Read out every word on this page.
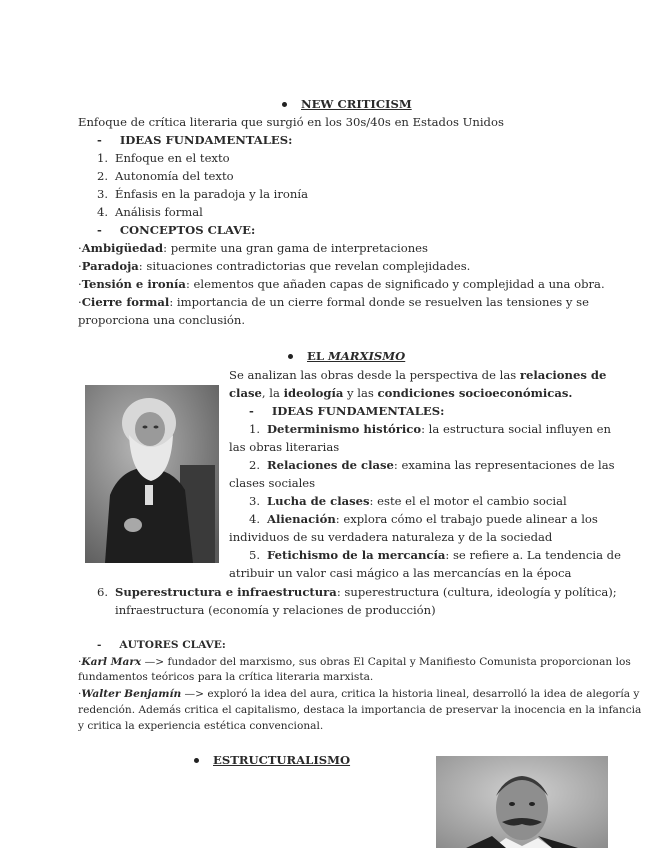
NEW CRITICISM
Enfoque de crítica literaria que surgió en los 30s/40s en Estados Unidos
- IDEAS FUNDAMENTALES:
1. Enfoque en el texto
2. Autonomía del texto
3. Énfasis en la paradoja y la ironía
4. Análisis formal
- CONCEPTOS CLAVE:
·Ambigüedad: permite una gran gama de interpretaciones
·Paradoja: situaciones contradictorias que revelan complejidades.
·Tensión e ironía: elementos que añaden capas de significado y complejidad a una obra.
·Cierre formal: importancia de un cierre formal donde se resuelven las tensiones y se
proporciona una conclusión.
EL MARXISMO
Se analizan las obras desde la perspectiva de las relaciones de
clase, la ideología y las condiciones socioeconómicas.
- IDEAS FUNDAMENTALES:
1. Determinismo histórico: la estructura social influyen en
las obras literarias
2. Relaciones de clase: examina las representaciones de las
clases sociales
3. Lucha de clases: este el el motor el cambio social
4. Alienación: explora cómo el trabajo puede alinear a los
individuos de su verdadera naturaleza y de la sociedad
5. Fetichismo de la mercancía: se refiere a. La tendencia de
atribuir un valor casi mágico a las mercancías en la época
6. Superestructura e infraestructura: superestructura (cultura, ideología y política);
infraestructura (economía y relaciones de producción)
- AUTORES CLAVE:
·Karl Marx —> fundador del marxismo, sus obras El Capital y Manifiesto Comunista proporcionan los
fundamentos teóricos para la crítica literaria marxista.
·Walter Benjamín —> exploró la idea del aura, critica la historia lineal, desarrolló la idea de alegoría y
redención. Además critica el capitalismo, destaca la importancia de preservar la inocencia en la infancia
y critica la experiencia estética convencional.
ESTRUCTURALISMO
